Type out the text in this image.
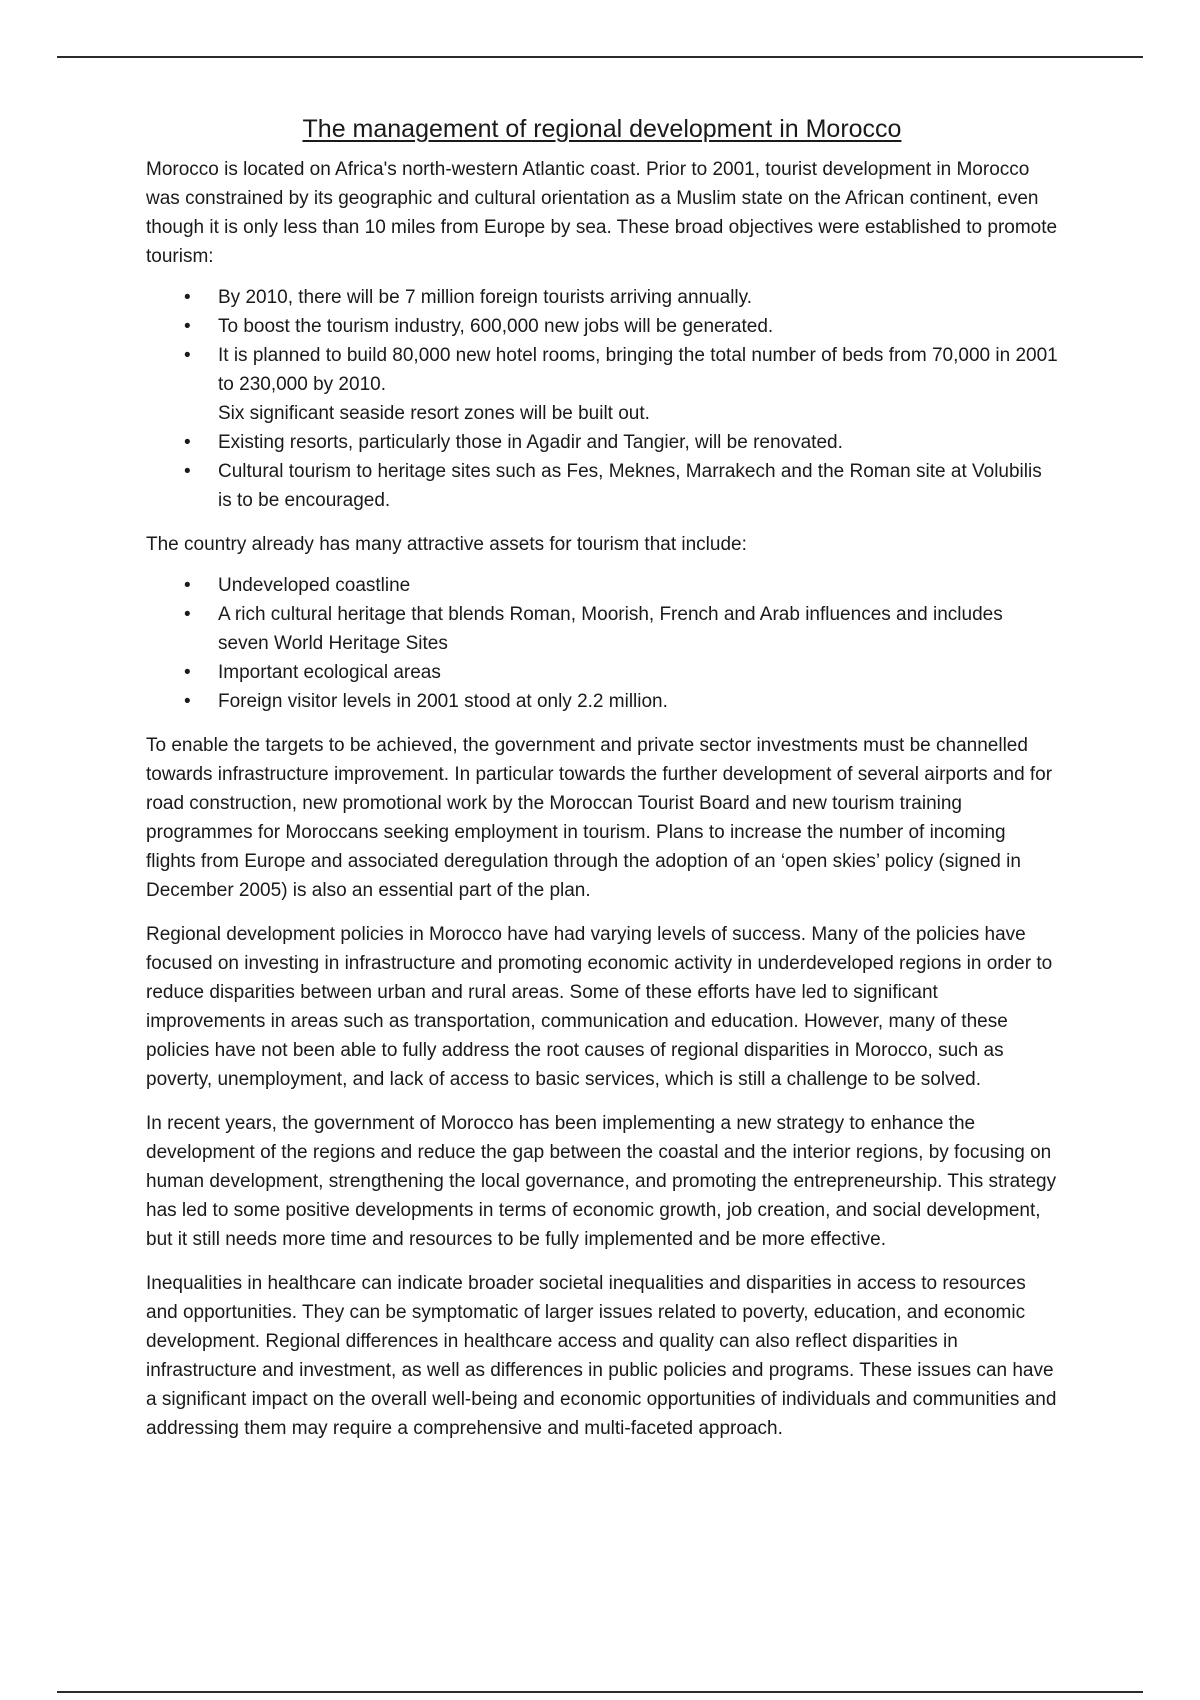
The management of regional development in Morocco

Morocco is located on Africa's north-western Atlantic coast. Prior to 2001, tourist development in Morocco was constrained by its geographic and cultural orientation as a Muslim state on the African continent, even though it is only less than 10 miles from Europe by sea. These broad objectives were established to promote tourism:

• By 2010, there will be 7 million foreign tourists arriving annually.
• To boost the tourism industry, 600,000 new jobs will be generated.
• It is planned to build 80,000 new hotel rooms, bringing the total number of beds from 70,000 in 2001 to 230,000 by 2010.
Six significant seaside resort zones will be built out.
• Existing resorts, particularly those in Agadir and Tangier, will be renovated.
• Cultural tourism to heritage sites such as Fes, Meknes, Marrakech and the Roman site at Volubilis is to be encouraged.

The country already has many attractive assets for tourism that include:

• Undeveloped coastline
• A rich cultural heritage that blends Roman, Moorish, French and Arab influences and includes seven World Heritage Sites
• Important ecological areas
• Foreign visitor levels in 2001 stood at only 2.2 million.

To enable the targets to be achieved, the government and private sector investments must be channelled towards infrastructure improvement. In particular towards the further development of several airports and for road construction, new promotional work by the Moroccan Tourist Board and new tourism training programmes for Moroccans seeking employment in tourism. Plans to increase the number of incoming flights from Europe and associated deregulation through the adoption of an ‘open skies’ policy (signed in December 2005) is also an essential part of the plan.

Regional development policies in Morocco have had varying levels of success. Many of the policies have focused on investing in infrastructure and promoting economic activity in underdeveloped regions in order to reduce disparities between urban and rural areas. Some of these efforts have led to significant improvements in areas such as transportation, communication and education. However, many of these policies have not been able to fully address the root causes of regional disparities in Morocco, such as poverty, unemployment, and lack of access to basic services, which is still a challenge to be solved.

In recent years, the government of Morocco has been implementing a new strategy to enhance the development of the regions and reduce the gap between the coastal and the interior regions, by focusing on human development, strengthening the local governance, and promoting the entrepreneurship. This strategy has led to some positive developments in terms of economic growth, job creation, and social development, but it still needs more time and resources to be fully implemented and be more effective.

Inequalities in healthcare can indicate broader societal inequalities and disparities in access to resources and opportunities. They can be symptomatic of larger issues related to poverty, education, and economic development. Regional differences in healthcare access and quality can also reflect disparities in infrastructure and investment, as well as differences in public policies and programs. These issues can have a significant impact on the overall well-being and economic opportunities of individuals and communities and addressing them may require a comprehensive and multi-faceted approach.
